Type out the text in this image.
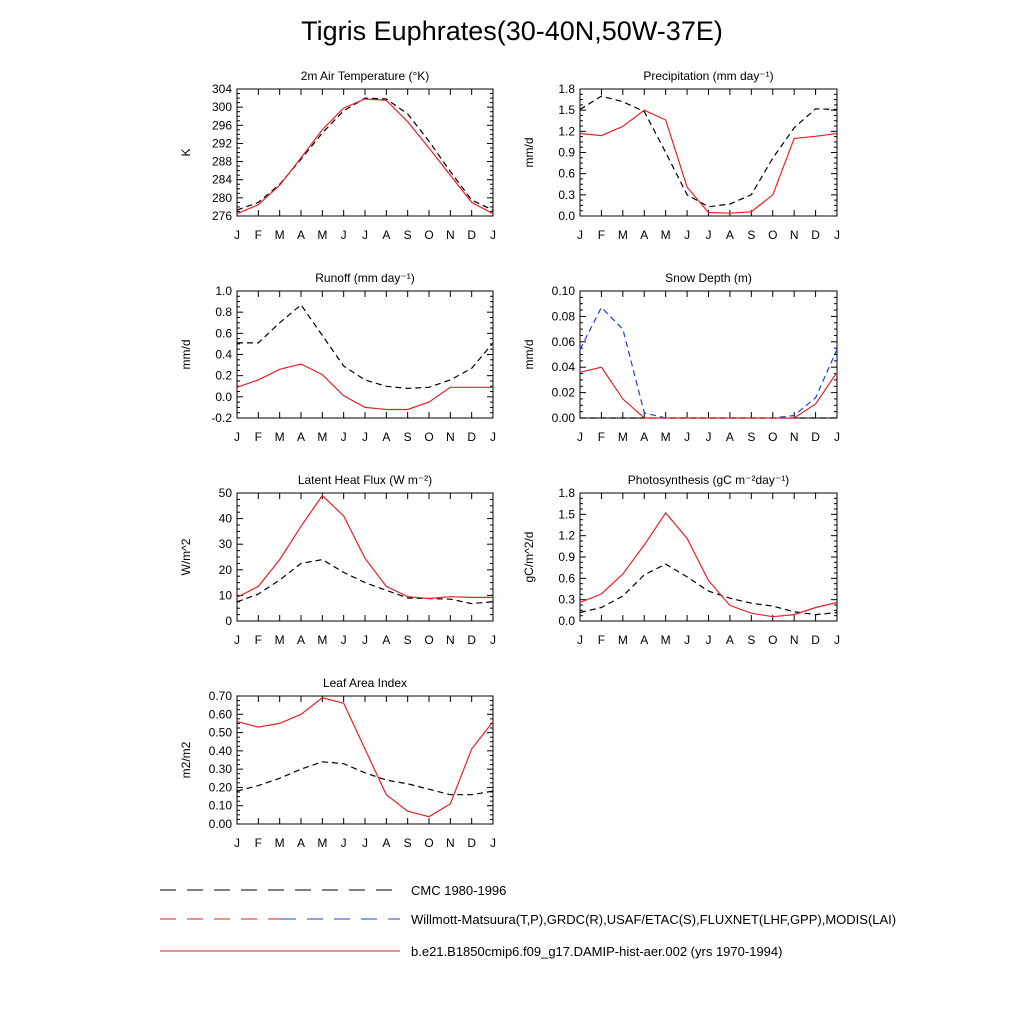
Tigris Euphrates(30-40N,50W-37E)
2m Air Temperature (°K)
276
280
284
288
292
296
300
304
J F M A M J J A S O N D J
K
Precipitation (mm day⁻¹)
0.0
0.3
0.6
0.9
1.2
1.5
1.8
J F M A M J J A S O N D J
mm/d
Runoff (mm day⁻¹)
-0.2
0.0
0.2
0.4
0.6
0.8
1.0
J F M A M J J A S O N D J
mm/d
Snow Depth (m)
0.00
0.02
0.04
0.06
0.08
0.10
J F M A M J J A S O N D J
mm/d
Latent Heat Flux (W m⁻²)
0
10
20
30
40
50
J F M A M J J A S O N D J
W/m^2
Photosynthesis (gC m⁻²day⁻¹)
0.0
0.3
0.6
0.9
1.2
1.5
1.8
J F M A M J J A S O N D J
gC/m^2/d
Leaf Area Index
0.00
0.10
0.20
0.30
0.40
0.50
0.60
0.70
J F M A M J J A S O N D J
m2/m2
CMC 1980-1996
Willmott-Matsuura(T,P),GRDC(R),USAF/ETAC(S),FLUXNET(LHF,GPP),MODIS(LAI)
b.e21.B1850cmip6.f09_g17.DAMIP-hist-aer.002 (yrs 1970-1994)
